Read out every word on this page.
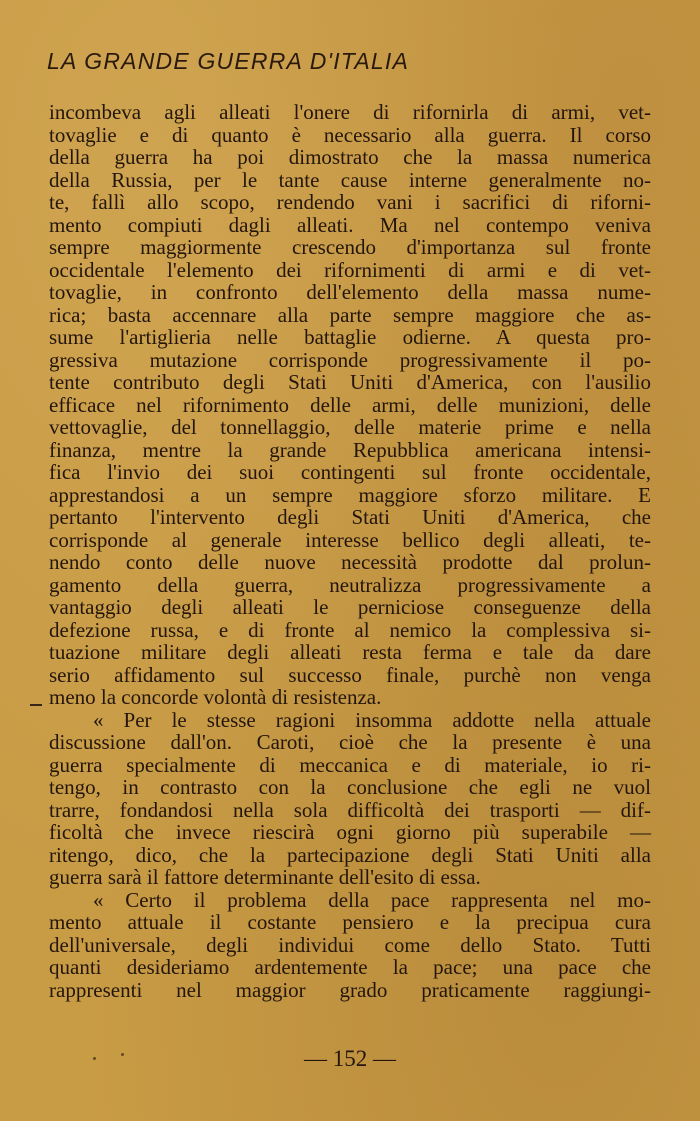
LA GRANDE GUERRA D'ITALIA
incombeva agli alleati l'onere di rifornirla di armi, vet-
tovaglie e di quanto è necessario alla guerra. Il corso
della guerra ha poi dimostrato che la massa numerica
della Russia, per le tante cause interne generalmente no-
te, fallì allo scopo, rendendo vani i sacrifici di riforni-
mento compiuti dagli alleati. Ma nel contempo veniva
sempre maggiormente crescendo d'importanza sul fronte
occidentale l'elemento dei rifornimenti di armi e di vet-
tovaglie, in confronto dell'elemento della massa nume-
rica; basta accennare alla parte sempre maggiore che as-
sume l'artiglieria nelle battaglie odierne. A questa pro-
gressiva mutazione corrisponde progressivamente il po-
tente contributo degli Stati Uniti d'America, con l'ausilio
efficace nel rifornimento delle armi, delle munizioni, delle
vettovaglie, del tonnellaggio, delle materie prime e nella
finanza, mentre la grande Repubblica americana intensi-
fica l'invio dei suoi contingenti sul fronte occidentale,
apprestandosi a un sempre maggiore sforzo militare. E
pertanto l'intervento degli Stati Uniti d'America, che
corrisponde al generale interesse bellico degli alleati, te-
nendo conto delle nuove necessità prodotte dal prolun-
gamento della guerra, neutralizza progressivamente a
vantaggio degli alleati le perniciose conseguenze della
defezione russa, e di fronte al nemico la complessiva si-
tuazione militare degli alleati resta ferma e tale da dare
serio affidamento sul successo finale, purchè non venga
meno la concorde volontà di resistenza.
« Per le stesse ragioni insomma addotte nella attuale
discussione dall'on. Caroti, cioè che la presente è una
guerra specialmente di meccanica e di materiale, io ri-
tengo, in contrasto con la conclusione che egli ne vuol
trarre, fondandosi nella sola difficoltà dei trasporti — dif-
ficoltà che invece riescirà ogni giorno più superabile —
ritengo, dico, che la partecipazione degli Stati Uniti alla
guerra sarà il fattore determinante dell'esito di essa.
« Certo il problema della pace rappresenta nel mo-
mento attuale il costante pensiero e la precipua cura
dell'universale, degli individui come dello Stato. Tutti
quanti desideriamo ardentemente la pace; una pace che
rappresenti nel maggior grado praticamente raggiungi-
— 152 —
